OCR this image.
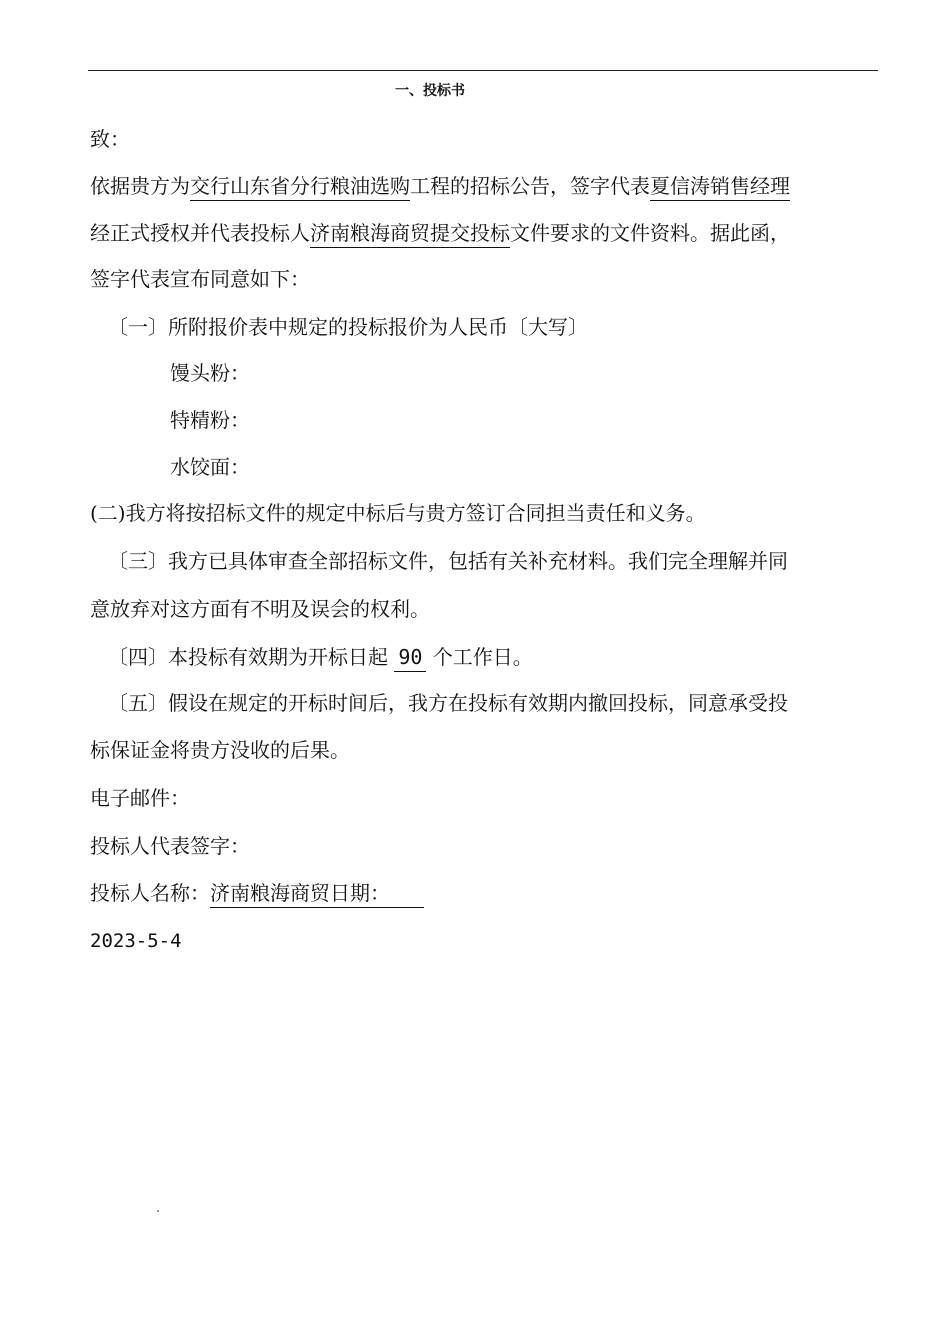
一、投标书
致：
依据贵方为交行山东省分行粮油选购工程的招标公告，签字代表夏信涛销售经理
经正式授权并代表投标人济南粮海商贸提交投标文件要求的文件资料。据此函，
签字代表宣布同意如下：
〔一〕所附报价表中规定的投标报价为人民币〔大写〕
馒头粉：
特精粉：
水饺面：
(二)我方将按招标文件的规定中标后与贵方签订合同担当责任和义务。
〔三〕我方已具体审查全部招标文件，包括有关补充材料。我们完全理解并同
意放弃对这方面有不明及误会的权利。
〔四〕本投标有效期为开标日起 90 个工作日。
〔五〕假设在规定的开标时间后，我方在投标有效期内撤回投标，同意承受投
标保证金将贵方没收的后果。
电子邮件：
投标人代表签字：
投标人名称：济南粮海商贸日期：
2023-5-4
